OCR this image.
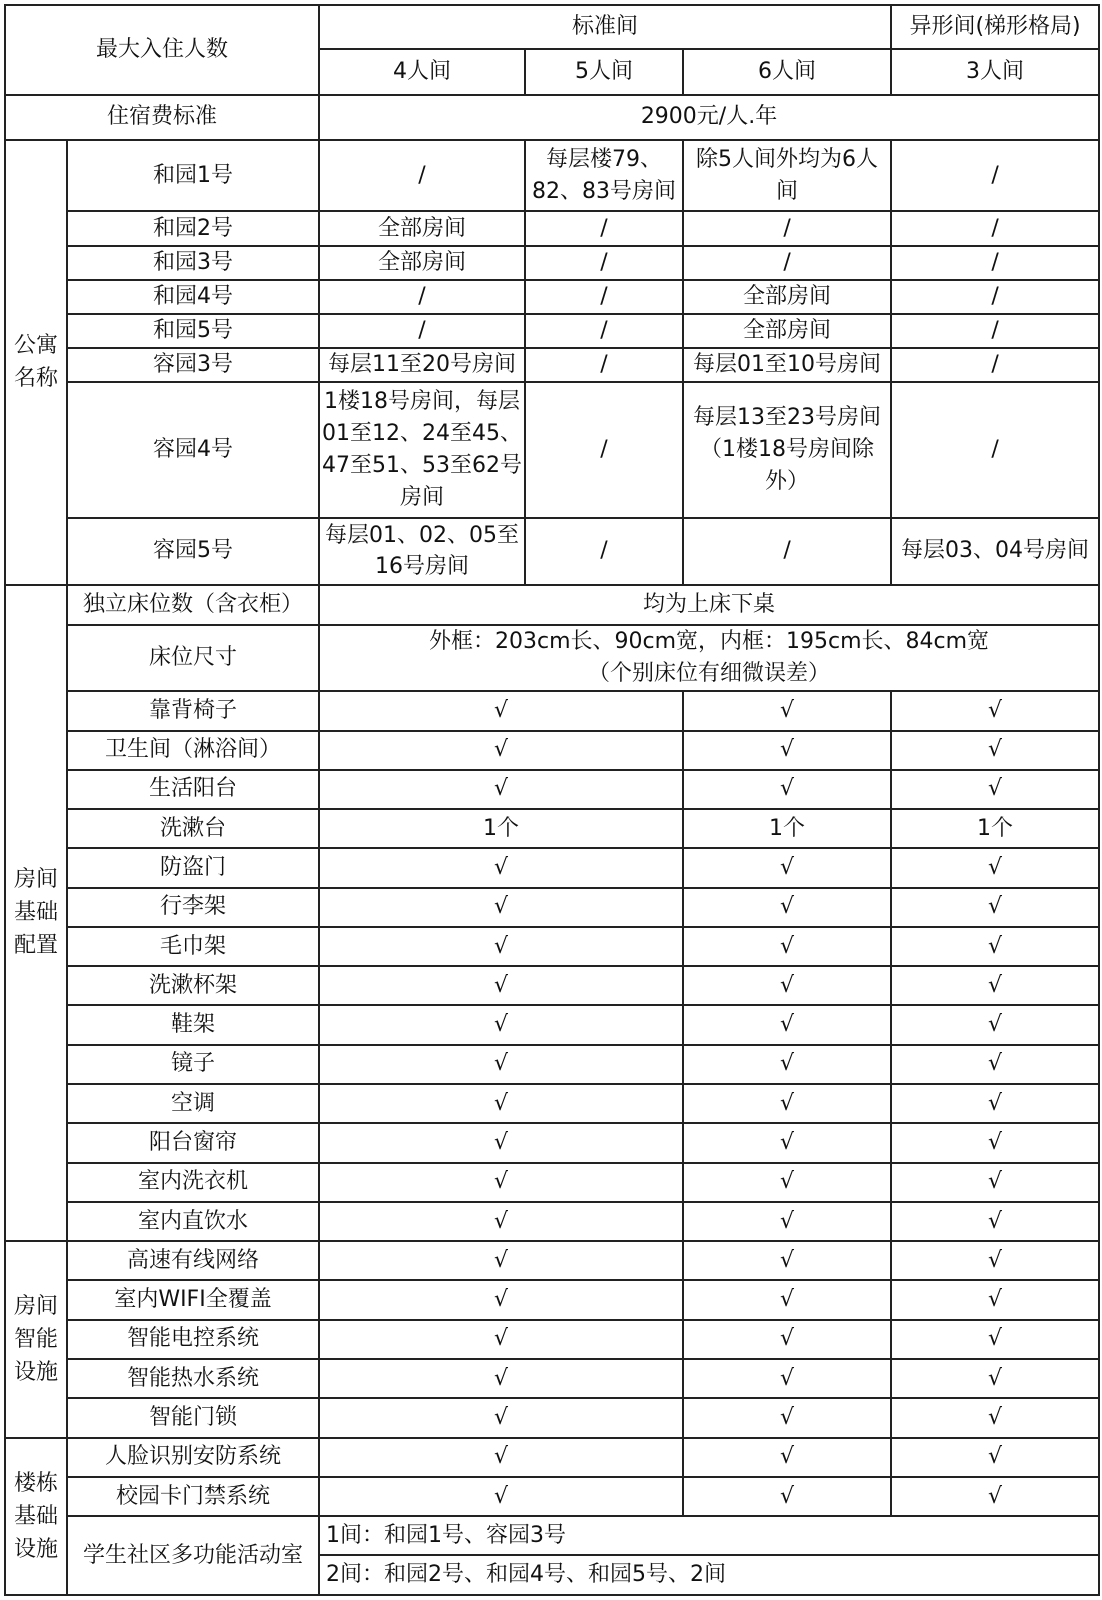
最大入住人数		标准间			异形间(梯形格局)
		4人间	5人间	6人间	3人间
住宿费标准		2900元/人.年			

公寓
名称	和园1号	/	每层楼79、82、83号房间	除5人间外均为6人间	/
	和园2号	全部房间	/	/	/
	和园3号	全部房间	/	/	/
	和园4号	/	/	全部房间	/
	和园5号	/	/	全部房间	/
	容园3号	每层11至20号房间	/	每层01至10号房间	/
	容园4号	1楼18号房间，每层01至12、24至45、47至51、53至62号房间	/	每层13至23号房间（1楼18号房间除外）	/
	容园5号	每层01、02、05至16号房间	/	/	每层03、04号房间

房间
基础
配置	独立床位数（含衣柜）	均为上床下桌			
	床位尺寸	外框：203cm长、90cm宽，内框：195cm长、84cm宽
（个别床位有细微误差）			

	靠背椅子	√		√	√
	卫生间（淋浴间）	√		√	√
	生活阳台	√		√	√
	洗漱台	1个		1个	1个
	防盗门	√		√	√
	行李架	√		√	√
	毛巾架	√		√	√
	洗漱杯架	√		√	√
	鞋架	√		√	√
	镜子	√		√	√
	空调	√		√	√
	阳台窗帘	√		√	√
	室内洗衣机	√		√	√
	室内直饮水	√		√	√

房间
智能
设施	高速有线网络	√		√	√
	室内WIFI全覆盖	√		√	√
	智能电控系统	√		√	√
	智能热水系统	√		√	√
	智能门锁	√		√	√

楼栋
基础
设施	人脸识别安防系统	√		√	√
	校园卡门禁系统	√		√	√
	学生社区多功能活动室	1间：和园1号、容园3号			
		2间：和园2号、和园4号、和园5号、2间			
